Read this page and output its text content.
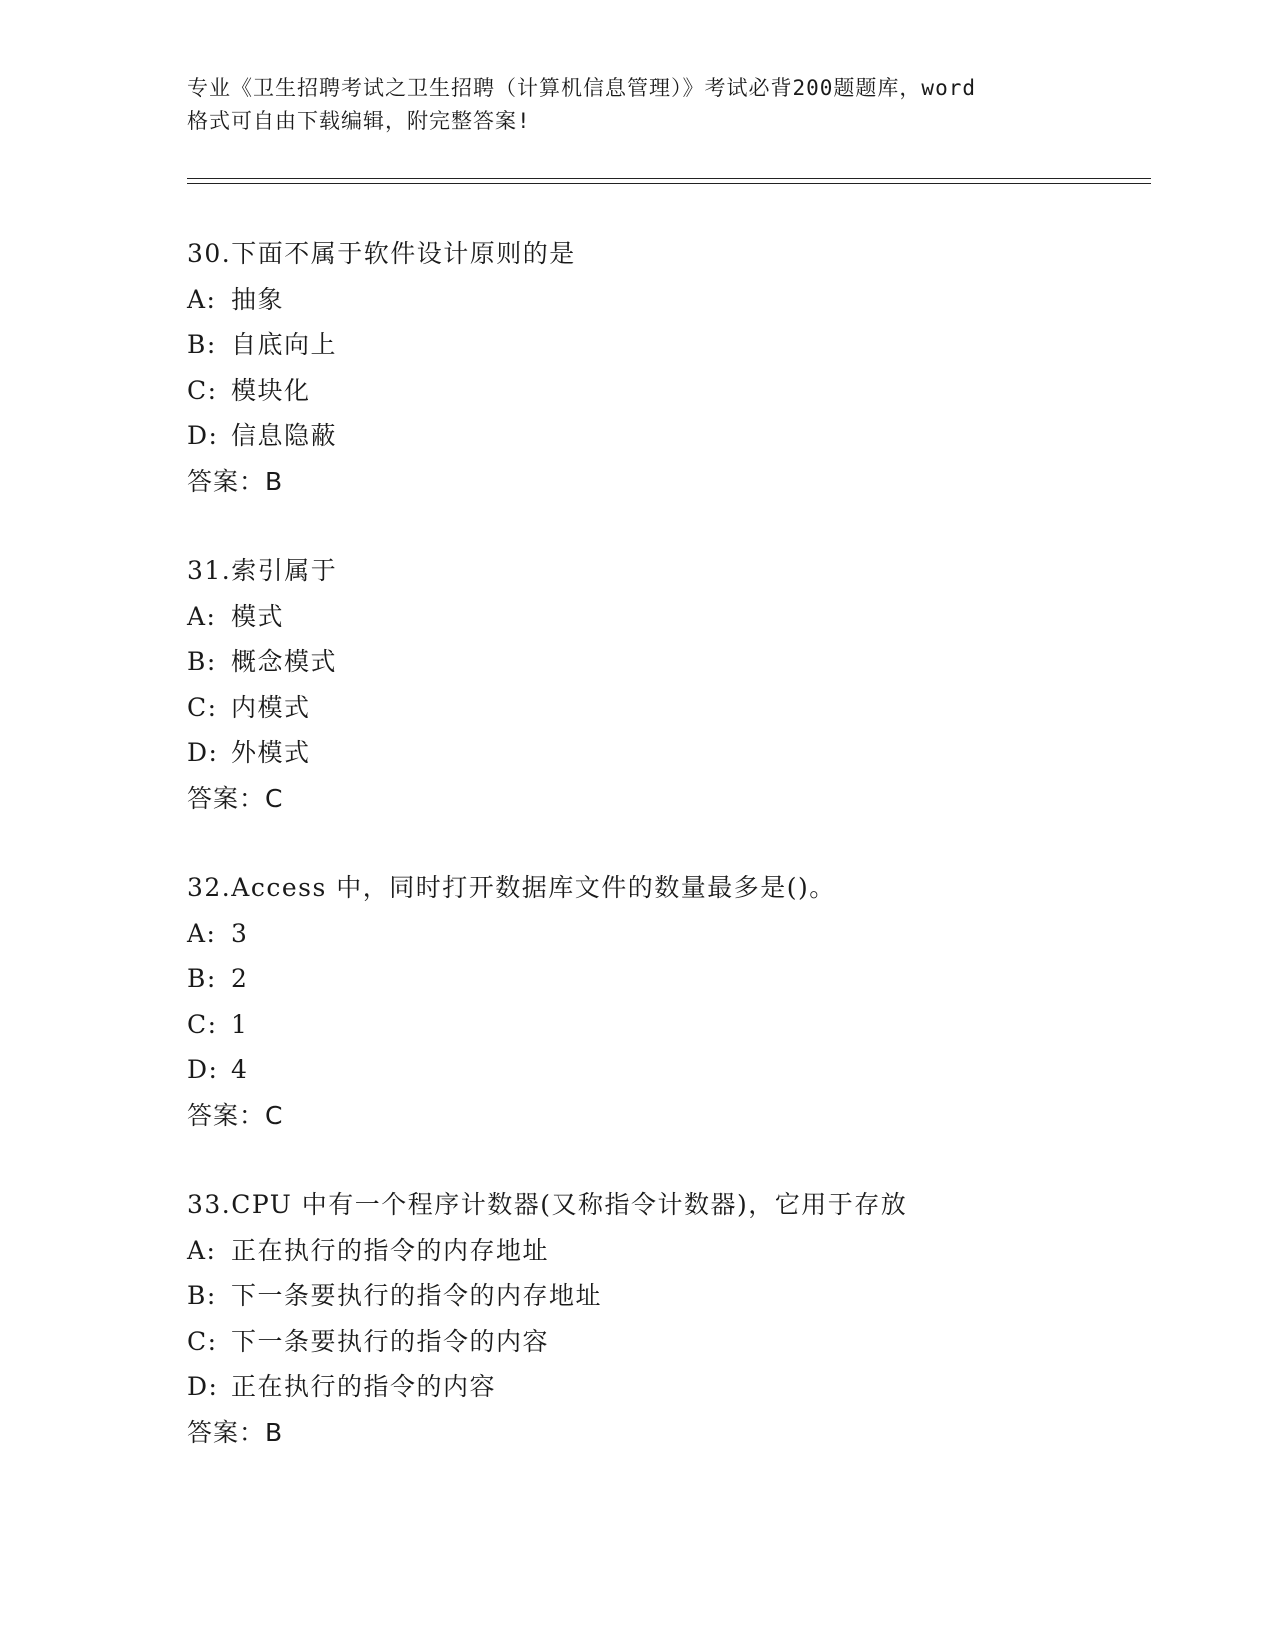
专业《卫生招聘考试之卫生招聘（计算机信息管理）》考试必背200题题库，word
格式可自由下载编辑，附完整答案!
30.下面不属于软件设计原则的是
A: 抽象
B: 自底向上
C: 模块化
D: 信息隐蔽
答案：B
31.索引属于
A: 模式
B: 概念模式
C: 内模式
D: 外模式
答案：C
32.Access 中，同时打开数据库文件的数量最多是()。
A: 3
B: 2
C: 1
D: 4
答案：C
33.CPU 中有一个程序计数器(又称指令计数器)，它用于存放
A: 正在执行的指令的内存地址
B: 下一条要执行的指令的内存地址
C: 下一条要执行的指令的内容
D: 正在执行的指令的内容
答案：B
